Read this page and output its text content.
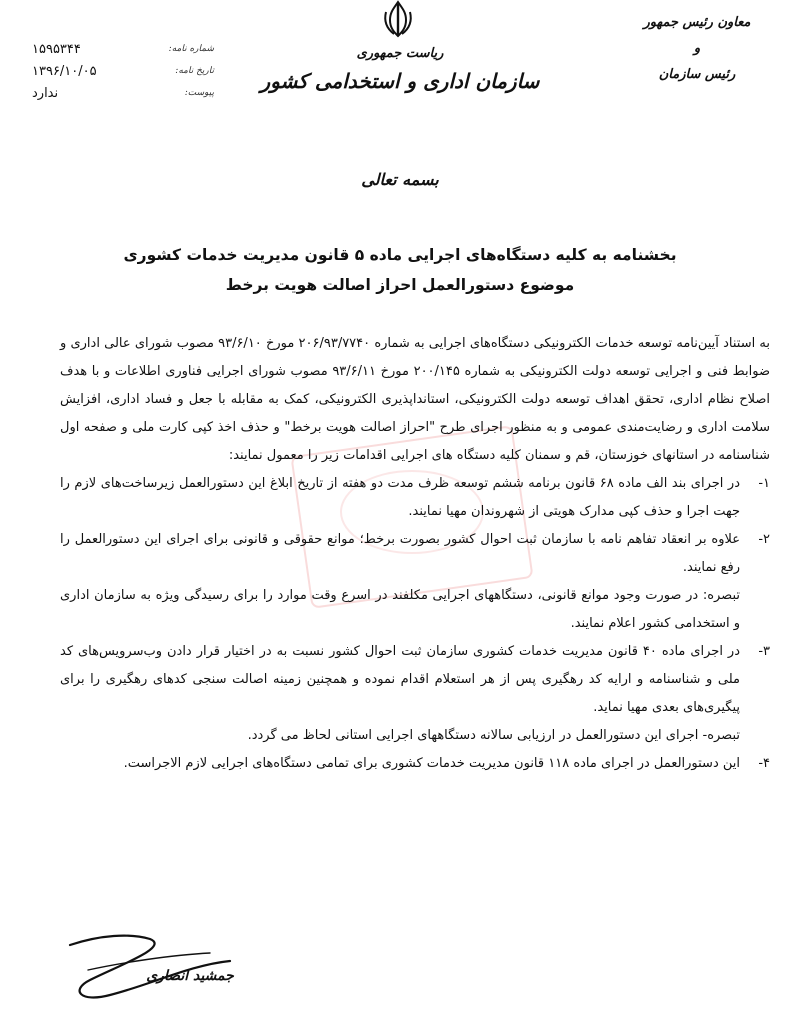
معاون رئیس جمهور
و
رئیس سازمان
ریاست جمهوری
سازمان اداری و استخدامی کشور
شماره نامه:
۱۵۹۵۳۴۴
تاریخ نامه:
۱۳۹۶/۱۰/۰۵
پیوست:
ندارد
بسمه تعالی
بخشنامه به کلیه دستگاه‌های اجرایی ماده ۵ قانون مدیریت خدمات کشوری
موضوع دستورالعمل احراز اصالت هویت برخط

به استناد آیین‌نامه توسعه خدمات الکترونیکی دستگاه‌های اجرایی به شماره ۲۰۶/۹۳/۷۷۴۰ مورخ ۹۳/۶/۱۰ مصوب شورای عالی اداری و ضوابط فنی و اجرایی توسعه دولت الکترونیکی به شماره ۲۰۰/۱۴۵ مورخ ۹۳/۶/۱۱ مصوب شورای اجرایی فناوری اطلاعات و با هدف اصلاح نظام اداری، تحقق اهداف توسعه دولت الکترونیکی، استانداپذیری الکترونیکی، کمک به مقابله با جعل و فساد اداری، افزایش سلامت اداری و رضایت‌مندی عمومی و به منظور اجرای طرح "احراز اصالت هویت برخط" و حذف اخذ کپی کارت ملی و صفحه اول شناسنامه در استانهای خوزستان، قم و سمنان کلیه دستگاه های اجرایی اقدامات زیر را معمول نمایند:

۱-
در اجرای بند الف ماده ۶۸ قانون برنامه ششم توسعه ظرف مدت دو هفته از تاریخ ابلاغ این دستورالعمل زیرساخت‌های لازم را جهت اجرا و حذف کپی مدارک هویتی از شهروندان مهیا نمایند.
۲-
علاوه بر انعقاد تفاهم نامه با سازمان ثبت احوال کشور بصورت برخط؛ موانع حقوقی و قانونی برای اجرای این دستورالعمل را رفع نمایند.

تبصره: در صورت وجود موانع قانونی، دستگاههای اجرایی مکلفند در اسرع وقت موارد را برای رسیدگی ویژه به سازمان اداری و استخدامی کشور اعلام نمایند.

۳-
در اجرای ماده ۴۰ قانون مدیریت خدمات کشوری سازمان ثبت احوال کشور نسبت به در اختیار قرار دادن وب‌سرویس‌های کد ملی و شناسنامه و ارایه کد رهگیری پس از هر استعلام اقدام نموده و همچنین زمینه اصالت سنجی کدهای رهگیری را برای پیگیری‌های بعدی مهیا نماید.

تبصره- اجرای این دستورالعمل در ارزیابی سالانه دستگاههای اجرایی استانی لحاظ می گردد.

۴-
این دستورالعمل در اجرای ماده ۱۱۸ قانون مدیریت خدمات کشوری برای تمامی دستگاه‌های اجرایی لازم الاجراست.
جمشید انصاری
